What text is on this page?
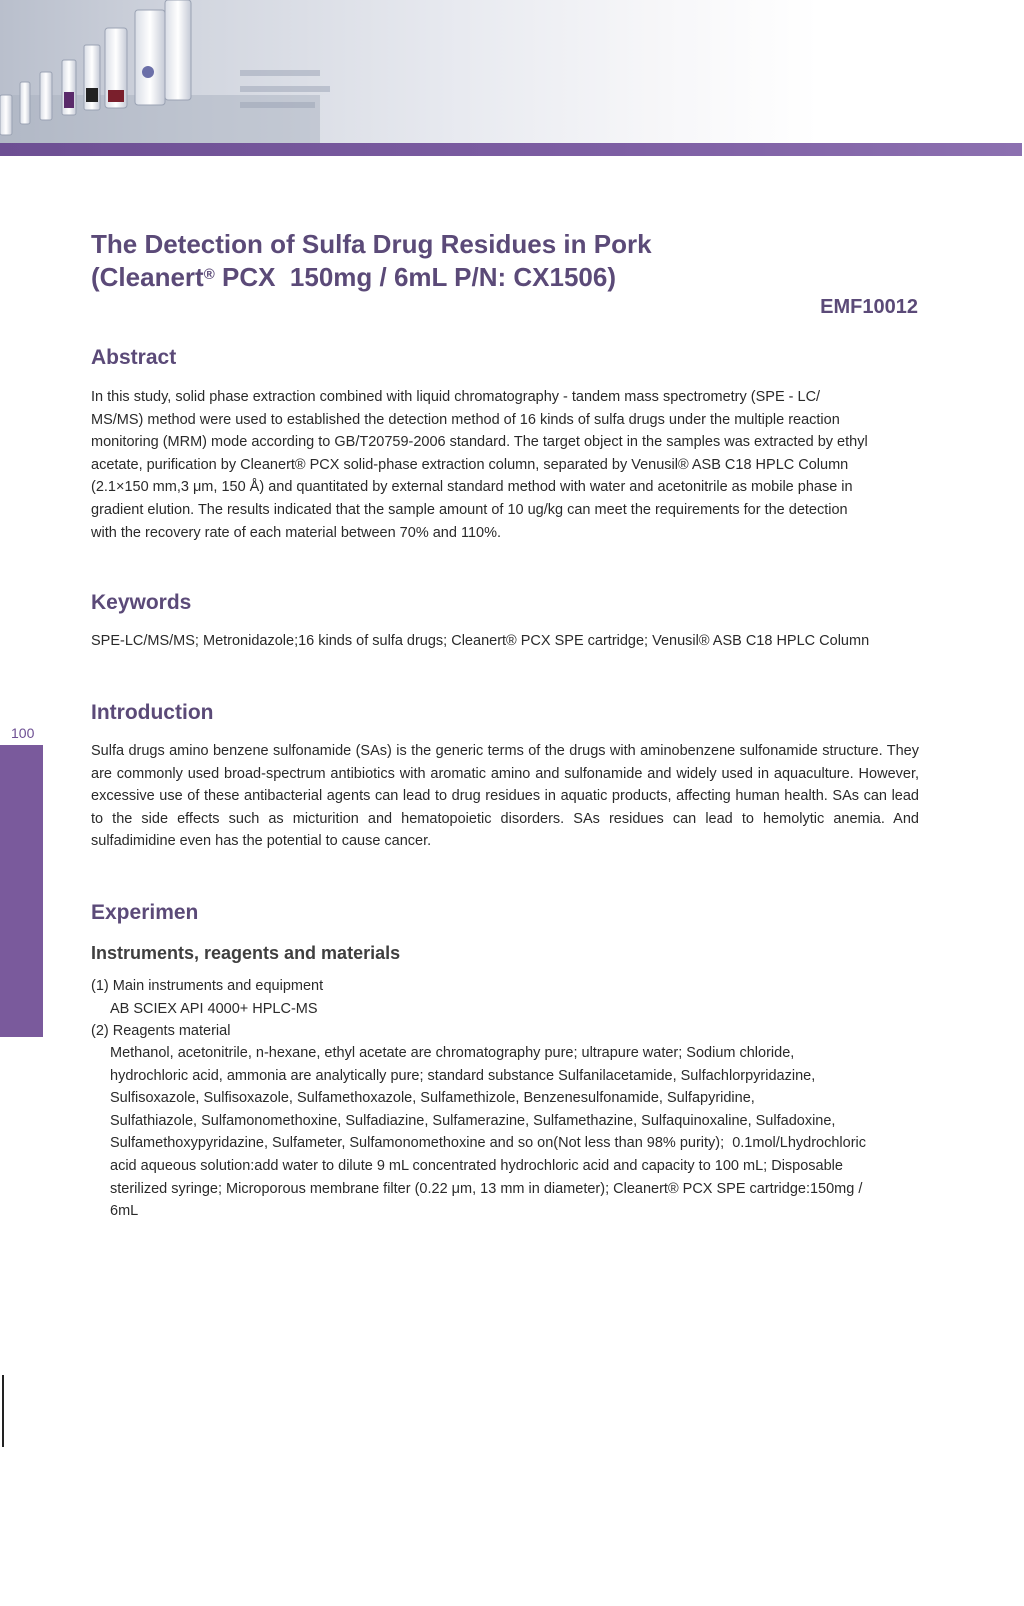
100
Cleanert® SPE
The Detection of Sulfa Drug Residues in Pork
(Cleanert® PCX  150mg / 6mL P/N: CX1506)
EMF10012
Abstract

In this study, solid phase extraction combined with liquid chromatography - tandem mass spectrometry (SPE - LC/
MS/MS) method were used to established the detection method of 16 kinds of sulfa drugs under the multiple reaction
monitoring (MRM) mode according to GB/T20759-2006 standard. The target object in the samples was extracted by ethyl
acetate, purification by Cleanert® PCX solid-phase extraction column, separated by Venusil® ASB C18 HPLC Column
(2.1×150 mm,3 μm, 150 Å) and quantitated by external standard method with water and acetonitrile as mobile phase in
gradient elution. The results indicated that the sample amount of 10 ug/kg can meet the requirements for the detection
with the recovery rate of each material between 70% and 110%.

Keywords

SPE-LC/MS/MS; Metronidazole;16 kinds of sulfa drugs; Cleanert® PCX SPE cartridge; Venusil® ASB C18 HPLC Column

Introduction

Sulfa drugs amino benzene sulfonamide (SAs) is the generic terms of the drugs with aminobenzene sulfonamide structure. They are commonly used broad-spectrum antibiotics with aromatic amino and sulfonamide and widely used in aquaculture. However, excessive use of these antibacterial agents can lead to drug residues in aquatic products, affecting human health. SAs can lead to the side effects such as micturition and hematopoietic disorders. SAs residues can lead to hemolytic anemia. And sulfadimidine even has the potential to cause cancer.

Experimen
Instruments, reagents and materials
(1) Main instruments and equipment
AB SCIEX API 4000+ HPLC-MS
(2) Reagents material

Methanol, acetonitrile, n-hexane, ethyl acetate are chromatography pure; ultrapure water; Sodium chloride,
hydrochloric acid, ammonia are analytically pure; standard substance Sulfanilacetamide, Sulfachlorpyridazine,
Sulfisoxazole, Sulfisoxazole, Sulfamethoxazole, Sulfamethizole, Benzenesulfonamide, Sulfapyridine,
Sulfathiazole, Sulfamonomethoxine, Sulfadiazine, Sulfamerazine, Sulfamethazine, Sulfaquinoxaline, Sulfadoxine,
Sulfamethoxypyridazine, Sulfameter, Sulfamonomethoxine and so on(Not less than 98% purity);  0.1mol/Lhydrochloric
acid aqueous solution:add water to dilute 9 mL concentrated hydrochloric acid and capacity to 100 mL; Disposable
sterilized syringe; Microporous membrane filter (0.22 μm, 13 mm in diameter); Cleanert® PCX SPE cartridge:150mg /
6mL
